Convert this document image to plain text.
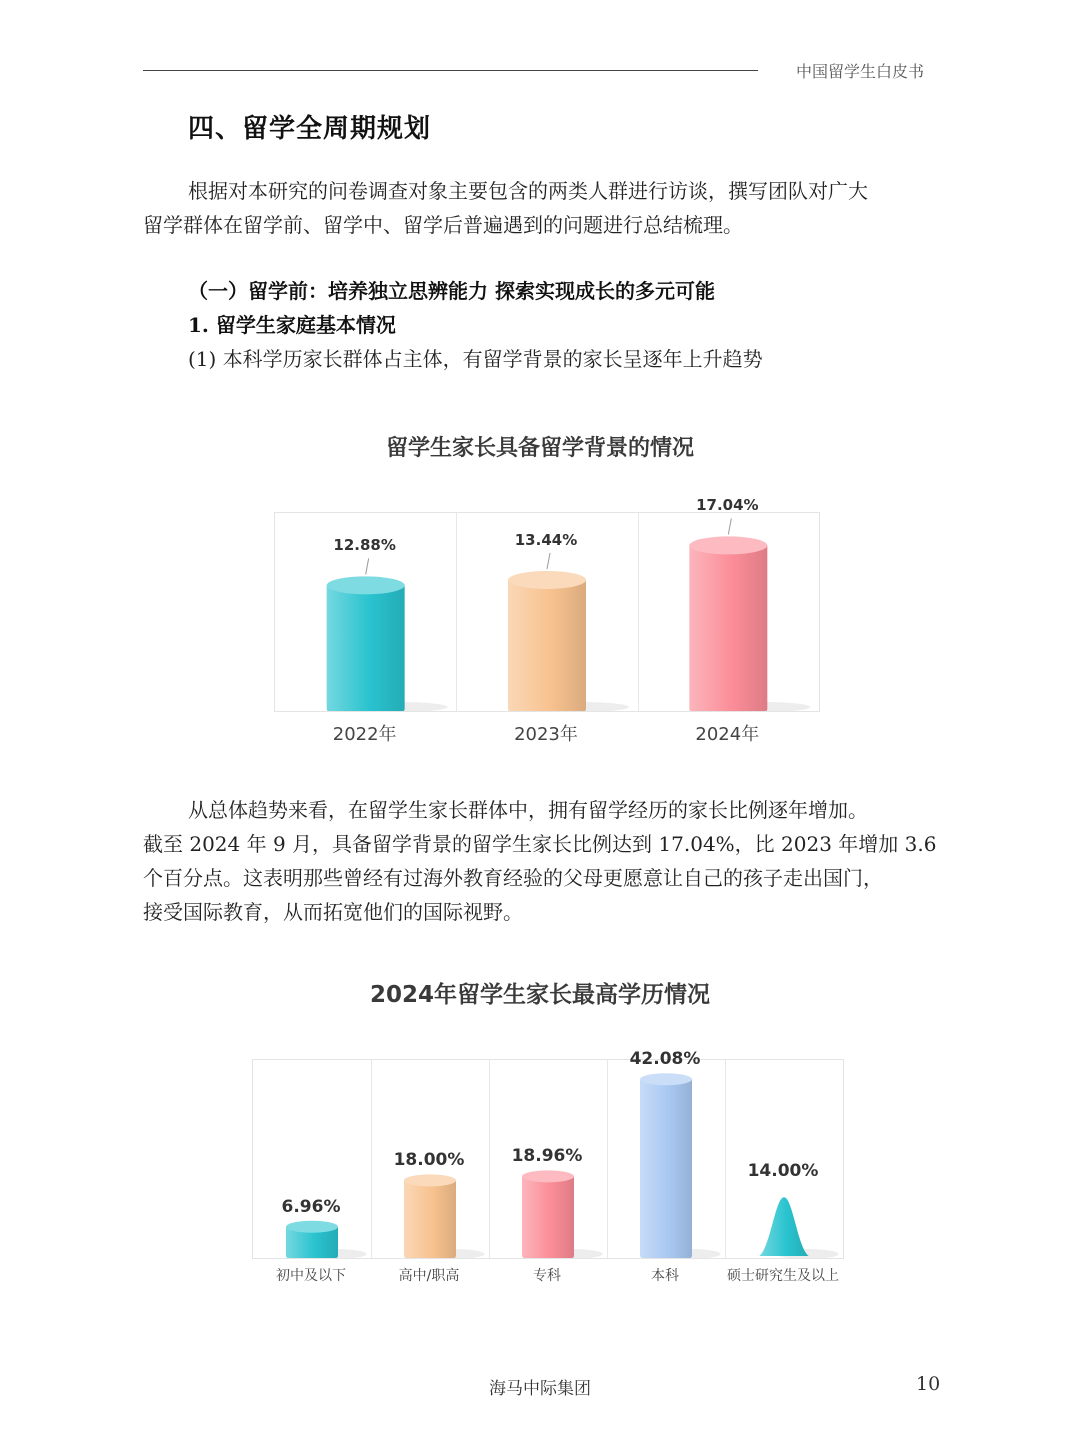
中国留学生白皮书
四、留学全周期规划
根据对本研究的问卷调查对象主要包含的两类人群进行访谈，撰写团队对广大
留学群体在留学前、留学中、留学后普遍遇到的问题进行总结梳理。
（一）留学前：培养独立思辨能力 探索实现成长的多元可能
1. 留学生家庭基本情况
(1) 本科学历家长群体占主体，有留学背景的家长呈逐年上升趋势
留学生家长具备留学背景的情况
12.88%
2022年
13.44%
2023年
17.04%
2024年
从总体趋势来看，在留学生家长群体中，拥有留学经历的家长比例逐年增加。
截至 2024 年 9 月，具备留学背景的留学生家长比例达到 17.04%，比 2023 年增加 3.6
个百分点。这表明那些曾经有过海外教育经验的父母更愿意让自己的孩子走出国门，
接受国际教育，从而拓宽他们的国际视野。
2024年留学生家长最高学历情况
6.96%
初中及以下
18.00%
高中/职高
18.96%
专科
42.08%
本科
14.00%
硕士研究生及以上
海马中际集团	10
